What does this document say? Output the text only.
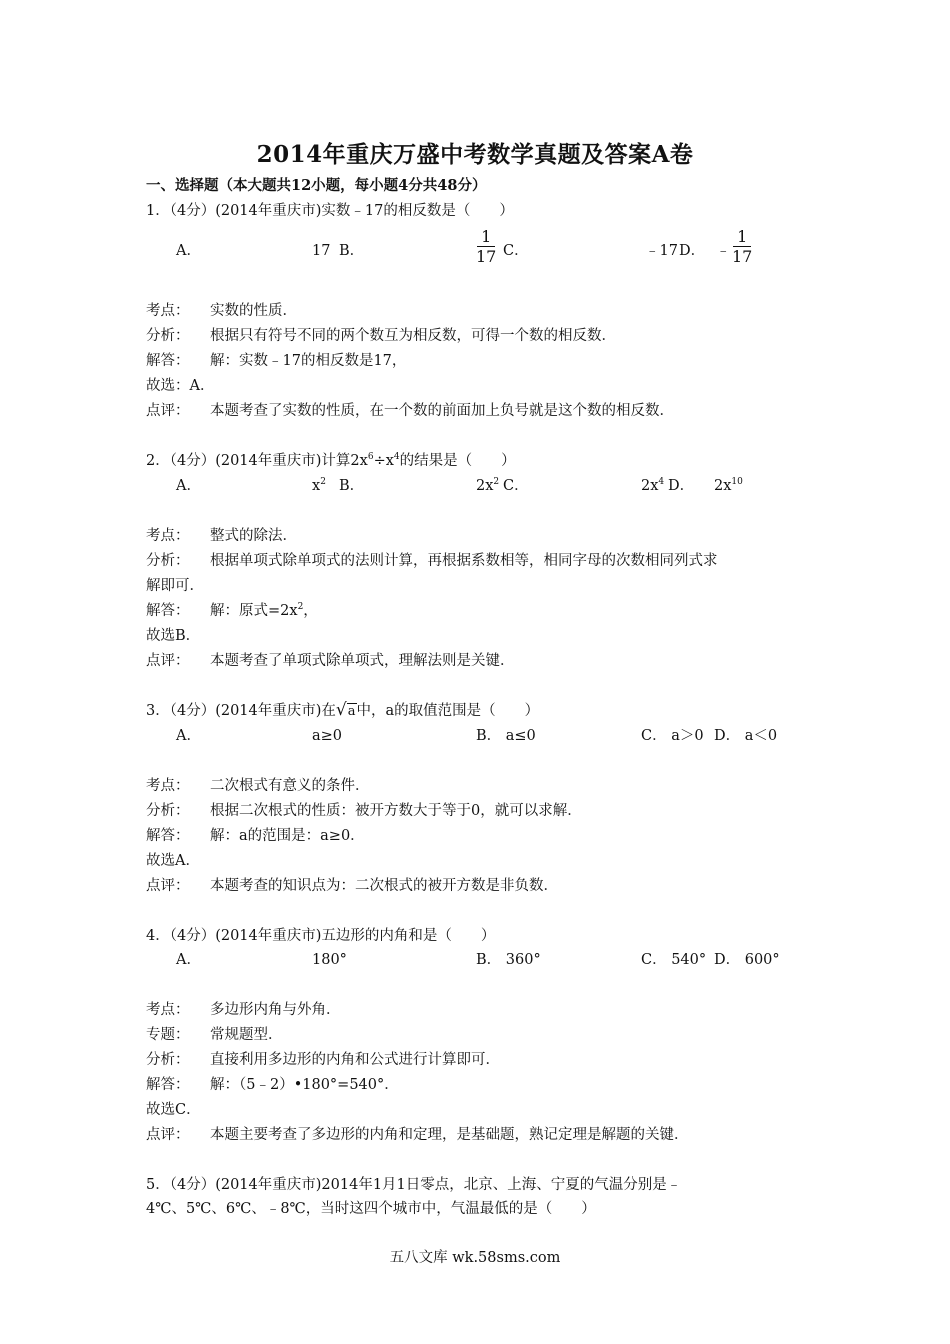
2014年重庆万盛中考数学真题及答案A卷
一、选择题（本大题共12小题，每小题4分共48分）
1．（4分）(2014年重庆市)实数﹣17的相反数是（　　）
A．	17 B．
1
17 C．	﹣17 D． ﹣
1
17
考点： 实数的性质．
分析： 根据只有符号不同的两个数互为相反数，可得一个数的相反数．
解答： 解：实数﹣17的相反数是17，
故选：A．
点评： 本题考查了实数的性质，在一个数的前面加上负号就是这个数的相反数．
2．（4分）(2014年重庆市)计算$2x^6\div x^4$的结果是（　　）
A．	$x^2$ B．	$2x^2$ C．	$2x^4$ D． $2x^{10}$
考点： 整式的除法．
分析： 根据单项式除单项式的法则计算，再根据系数相等，相同字母的次数相同列式求
解即可．
解答： 解：原式$=2x^2$，
故选B．
点评： 本题考查了单项式除单项式，理解法则是关键．
3．（4分）(2014年重庆市)在√a中，a的取值范围是（　　）
A．	a≥0	B． a≤0	C． a＞0 D． a＜0
考点： 二次根式有意义的条件．
分析： 根据二次根式的性质：被开方数大于等于0，就可以求解．
解答： 解：a的范围是：a≥0．
故选A．
点评： 本题考查的知识点为：二次根式的被开方数是非负数．
4．（4分）(2014年重庆市)五边形的内角和是（　　）
A．	180°	B． 360°	C． 540° D． 600°
考点： 多边形内角与外角．
专题： 常规题型．
分析： 直接利用多边形的内角和公式进行计算即可．
解答： 解：（5﹣2）•180°=540°．
故选C．
点评： 本题主要考查了多边形的内角和定理，是基础题，熟记定理是解题的关键．
5．（4分）(2014年重庆市)2014年1月1日零点，北京、上海、宁夏的气温分别是﹣
4℃、5℃、6℃、﹣8℃，当时这四个城市中，气温最低的是（　　）
五八文库 wk.58sms.com
